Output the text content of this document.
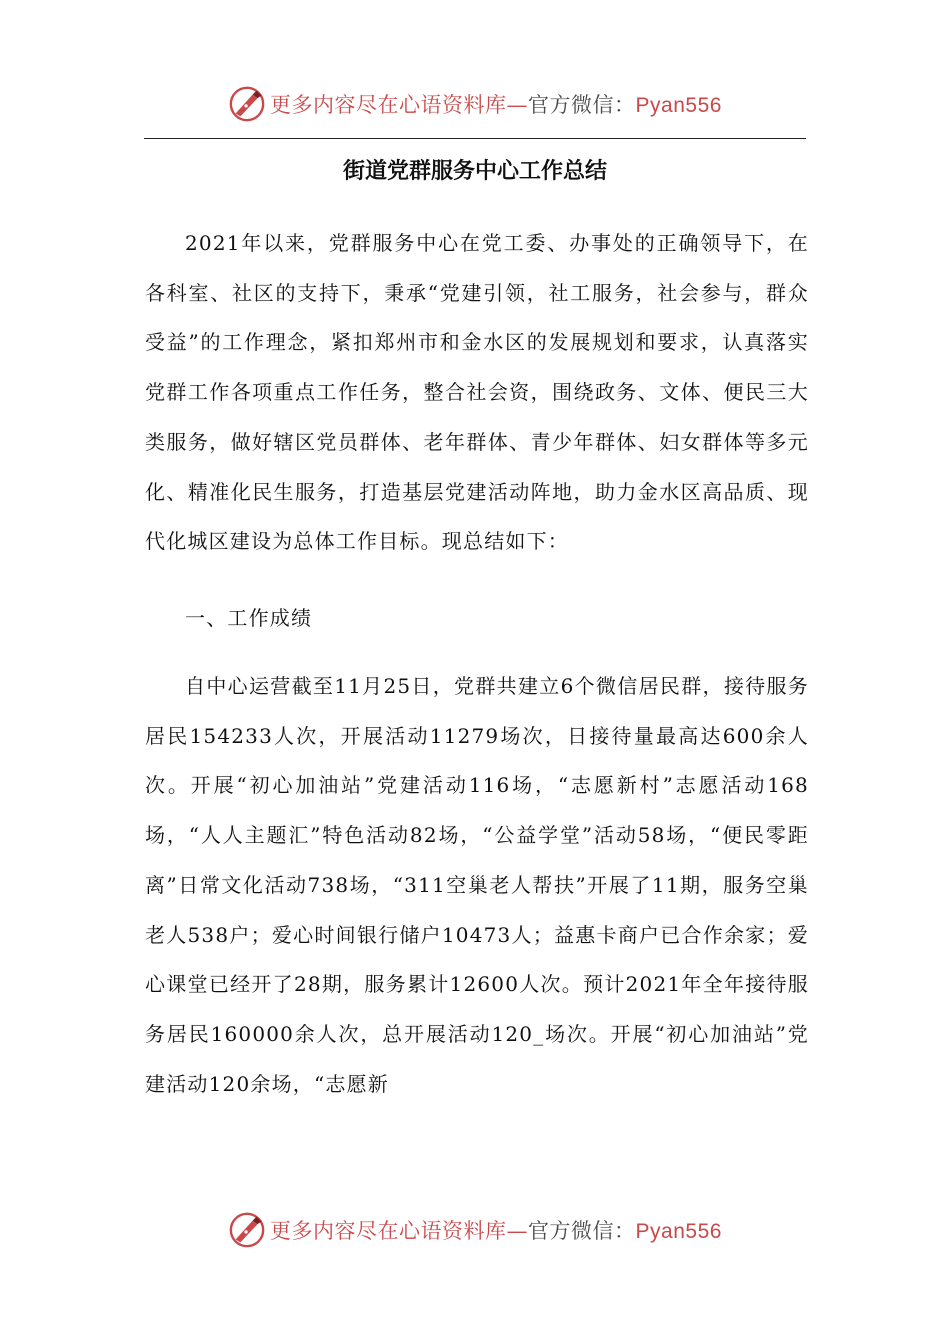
更多内容尽在心语资料库—官方微信：Pyan556
街道党群服务中心工作总结

2021年以来，党群服务中心在党工委、办事处的正确领导下，在各科室、社区的支持下，秉承“党建引领，社工服务，社会参与，群众受益”的工作理念，紧扣郑州市和金水区的发展规划和要求，认真落实党群工作各项重点工作任务，整合社会资，围绕政务、文体、便民三大类服务，做好辖区党员群体、老年群体、青少年群体、妇女群体等多元化、精准化民生服务，打造基层党建活动阵地，助力金水区高品质、现代化城区建设为总体工作目标。现总结如下：

一、工作成绩

自中心运营截至11月25日，党群共建立6个微信居民群，接待服务居民154233人次，开展活动11279场次，日接待量最高达600余人次。开展“初心加油站”党建活动116场，“志愿新村”志愿活动168场，“人人主题汇”特色活动82场，“公益学堂”活动58场，“便民零距离”日常文化活动738场，“311空巢老人帮扶”开展了11期，服务空巢老人538户；爱心时间银行储户10473人；益惠卡商户已合作余家；爱心课堂已经开了28期，服务累计12600人次。预计2021年全年接待服务居民160000余人次，总开展活动120_场次。开展“初心加油站”党建活动120余场，“志愿新

更多内容尽在心语资料库—官方微信：Pyan556
